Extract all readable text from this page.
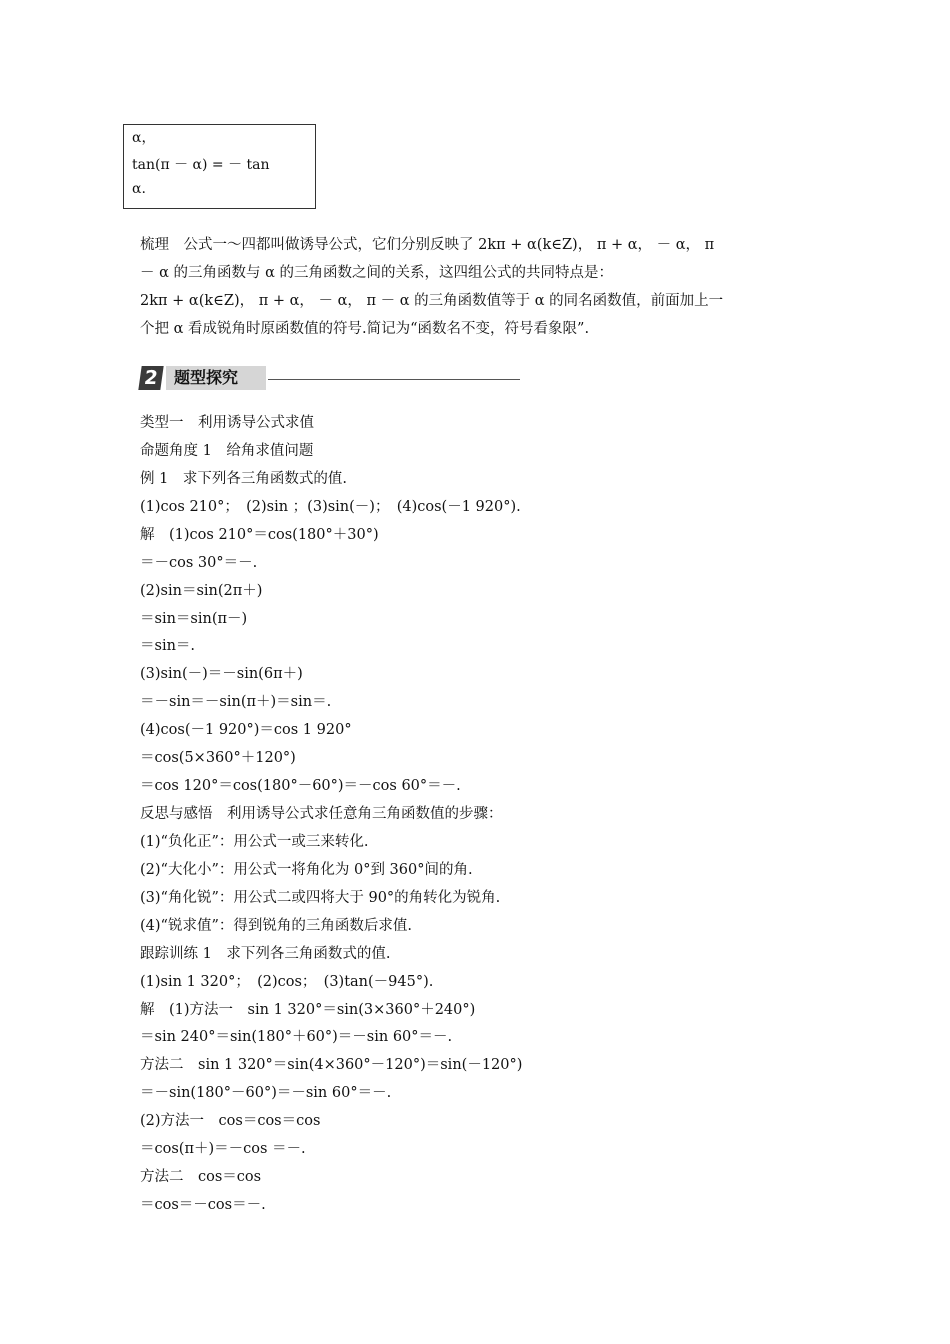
α，
tan(π － α) = － tan
α.
梳理　公式一～四都叫做诱导公式，它们分别反映了 2kπ + α(k∈Z)， π + α， － α， π
－ α 的三角函数与 α 的三角函数之间的关系，这四组公式的共同特点是：
2kπ + α(k∈Z)， π + α， － α， π － α 的三角函数值等于 α 的同名函数值，前面加上一
个把 α 看成锐角时原函数值的符号.简记为“函数名不变，符号看象限”.
2 题型探究
类型一　利用诱导公式求值
命题角度 1　给角求值问题
例 1　求下列各三角函数式的值.
(1)cos 210°；　(2)sin ；(3)sin(－)；　(4)cos(－1 920°).
解　(1)cos 210°＝cos(180°＋30°)
＝－cos 30°＝－.
(2)sin＝sin(2π＋)
＝sin＝sin(π－)
＝sin＝.
(3)sin(－)＝－sin(6π＋)
＝－sin＝－sin(π＋)＝sin＝.
(4)cos(－1 920°)＝cos 1 920°
＝cos(5×360°＋120°)
＝cos 120°＝cos(180°－60°)＝－cos 60°＝－.
反思与感悟　利用诱导公式求任意角三角函数值的步骤：
(1)“负化正”：用公式一或三来转化.
(2)“大化小”：用公式一将角化为 0°到 360°间的角.
(3)“角化锐”：用公式二或四将大于 90°的角转化为锐角.
(4)“锐求值”：得到锐角的三角函数后求值.
跟踪训练 1　求下列各三角函数式的值.
(1)sin 1 320°；　(2)cos；　(3)tan(－945°).
解　(1)方法一　sin 1 320°＝sin(3×360°＋240°)
＝sin 240°＝sin(180°＋60°)＝－sin 60°＝－.
方法二　sin 1 320°＝sin(4×360°－120°)＝sin(－120°)
＝－sin(180°－60°)＝－sin 60°＝－.
(2)方法一　cos＝cos＝cos
＝cos(π＋)＝－cos ＝－.
方法二　cos＝cos
＝cos＝－cos＝－.
